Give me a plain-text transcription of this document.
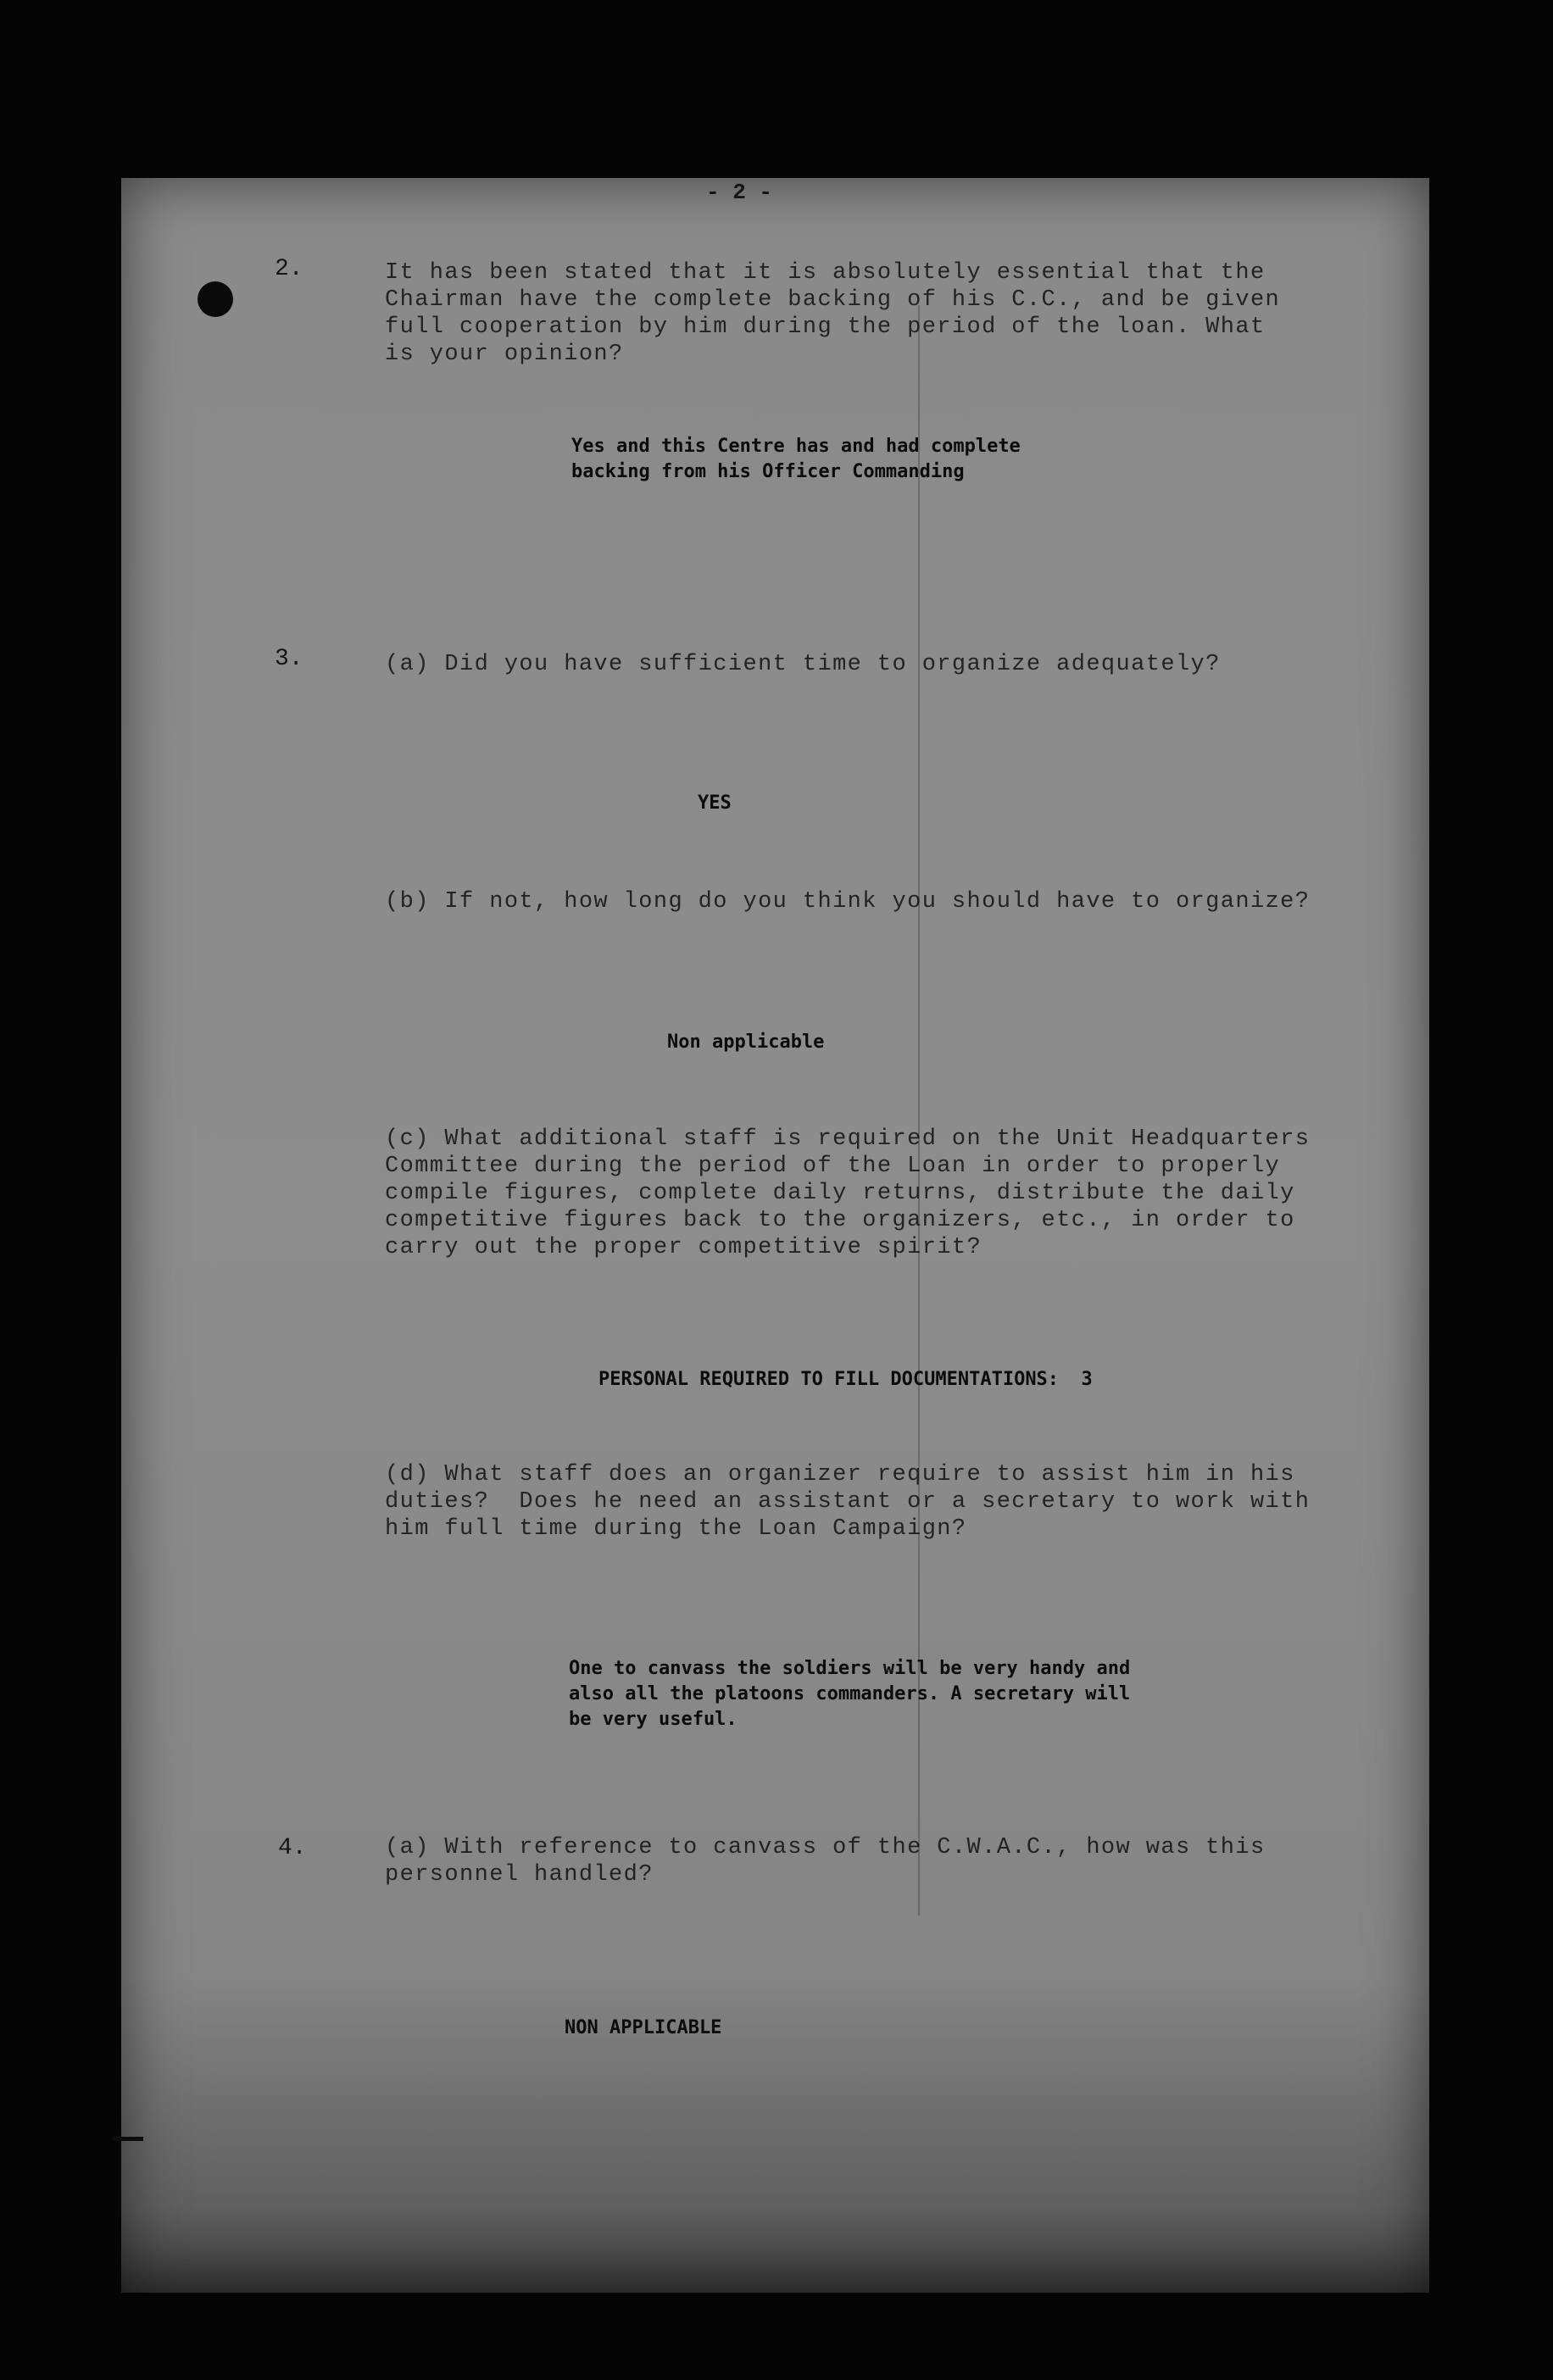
- 2 -

2.	It has been stated that it is absolutely essential that the
Chairman have the complete backing of his C.C., and be given
full cooperation by him during the period of the loan. What
is your opinion?

Yes and this Centre has and had complete
backing from his Officer Commanding

3.	(a) Did you have sufficient time to organize adequately?

YES

(b) If not, how long do you think you should have to organize?

Non applicable

(c) What additional staff is required on the Unit Headquarters
Committee during the period of the Loan in order to properly
compile figures, complete daily returns, distribute the daily
competitive figures back to the organizers, etc., in order to
carry out the proper competitive spirit?

PERSONAL REQUIRED TO FILL DOCUMENTATIONS:  3

(d) What staff does an organizer require to assist him in his
duties?  Does he need an assistant or a secretary to work with
him full time during the Loan Campaign?

One to canvass the soldiers will be very handy and
also all the platoons commanders. A secretary will
be very useful.

4.	(a) With reference to canvass of the C.W.A.C., how was this
personnel handled?

NON APPLICABLE
